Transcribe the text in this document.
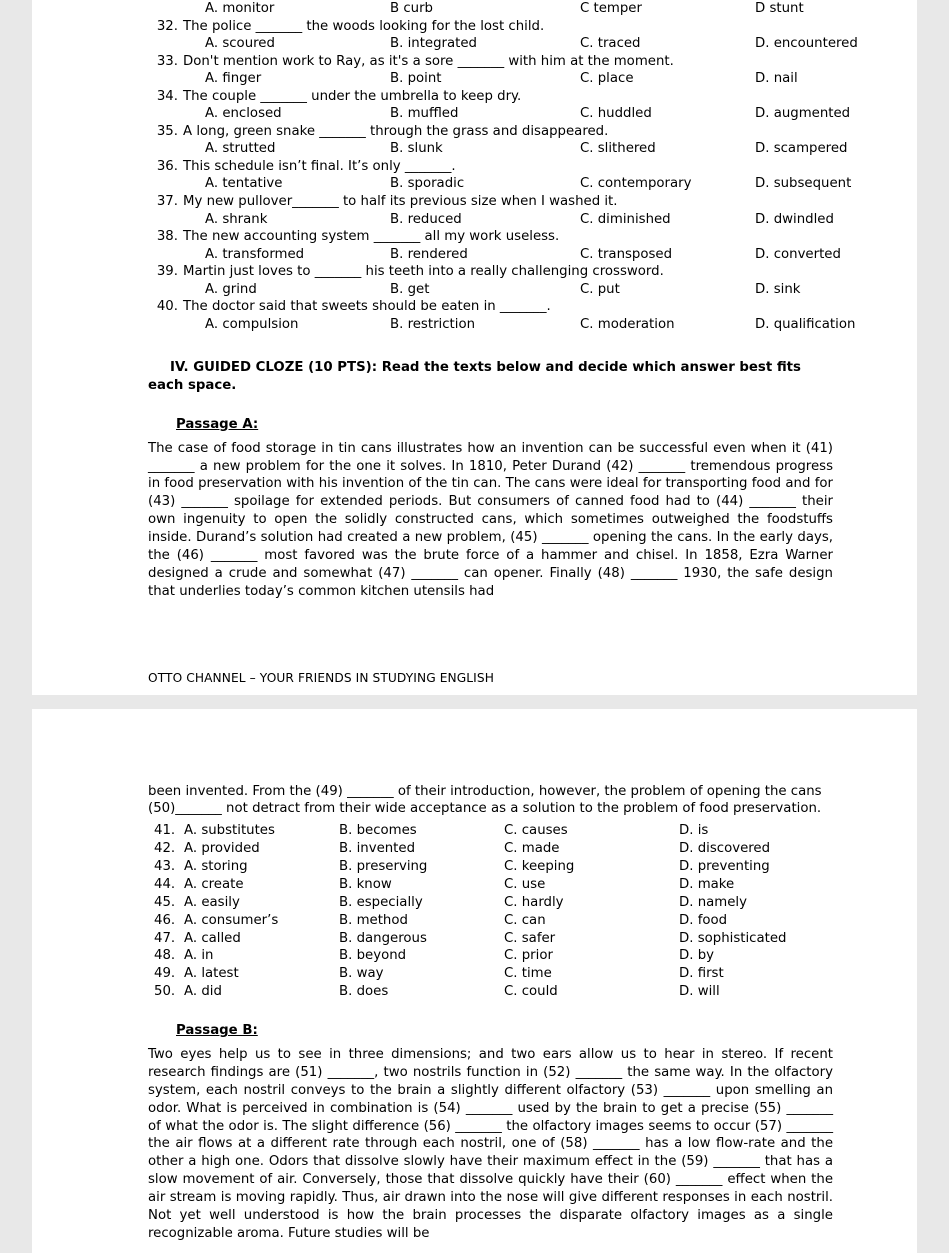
A. monitor	B curb	C temper	D stunt
32. The police _______ the woods looking for the lost child.
A. scoured	B. integrated	C. traced	D. encountered
33. Don't mention work to Ray, as it's a sore _______ with him at the moment.
A. finger	B. point	C. place	D. nail
34. The couple _______ under the umbrella to keep dry.
A. enclosed	B. muffled	C. huddled	D. augmented
35. A long, green snake _______ through the grass and disappeared.
A. strutted	B. slunk	C. slithered	D. scampered
36. This schedule isn’t final. It’s only _______.
A. tentative	B. sporadic	C. contemporary	D. subsequent
37. My new pullover_______ to half its previous size when I washed it.
A. shrank	B. reduced	C. diminished	D. dwindled
38. The new accounting system _______ all my work useless.
A. transformed	B. rendered	C. transposed	D. converted
39. Martin just loves to _______ his teeth into a really challenging crossword.
A. grind	B. get	C. put	D. sink
40. The doctor said that sweets should be eaten in _______.
A. compulsion	B. restriction	C. moderation	D. qualification
IV. GUIDED CLOZE (10 PTS): Read the texts below and decide which answer best fits
each space.
Passage A:
The case of food storage in tin cans illustrates how an invention can be successful even when it (41) _______ a new problem for the one it solves. In 1810, Peter Durand (42) _______ tremendous progress in food preservation with his invention of the tin can. The cans were ideal for transporting food and for (43) _______ spoilage for extended periods. But consumers of canned food had to (44) _______ their own ingenuity to open the solidly constructed cans, which sometimes outweighed the foodstuffs inside. Durand’s solution had created a new problem, (45) _______ opening the cans. In the early days, the (46) _______ most favored was the brute force of a hammer and chisel. In 1858, Ezra Warner designed a crude and somewhat (47) _______ can opener. Finally (48) _______ 1930, the safe design that underlies today’s common kitchen utensils had
OTTO CHANNEL – YOUR FRIENDS IN STUDYING ENGLISH
been invented. From the (49) _______ of their introduction, however, the problem of opening the cans (50)_______ not detract from their wide acceptance as a solution to the problem of food preservation.
41. A. substitutes	B. becomes	C. causes	D. is
42. A. provided	B. invented	C. made	D. discovered
43. A. storing	B. preserving	C. keeping	D. preventing
44. A. create	B. know	C. use	D. make
45. A. easily	B. especially	C. hardly	D. namely
46. A. consumer’s	B. method	C. can	D. food
47. A. called	B. dangerous	C. safer	D. sophisticated
48. A. in	B. beyond	C. prior	D. by
49. A. latest	B. way	C. time	D. first
50. A. did	B. does	C. could	D. will
Passage B:
Two eyes help us to see in three dimensions; and two ears allow us to hear in stereo. If recent research findings are (51) _______, two nostrils function in (52) _______ the same way. In the olfactory system, each nostril conveys to the brain a slightly different olfactory (53) _______ upon smelling an odor. What is perceived in combination is (54) _______ used by the brain to get a precise (55) _______ of what the odor is. The slight difference (56) _______ the olfactory images seems to occur (57) _______ the air flows at a different rate through each nostril, one of (58) _______ has a low flow-rate and the other a high one. Odors that dissolve slowly have their maximum effect in the (59) _______ that has a slow movement of air. Conversely, those that dissolve quickly have their (60) _______ effect when the air stream is moving rapidly. Thus, air drawn into the nose will give different responses in each nostril. Not yet well understood is how the brain processes the disparate olfactory images as a single recognizable aroma. Future studies will be
